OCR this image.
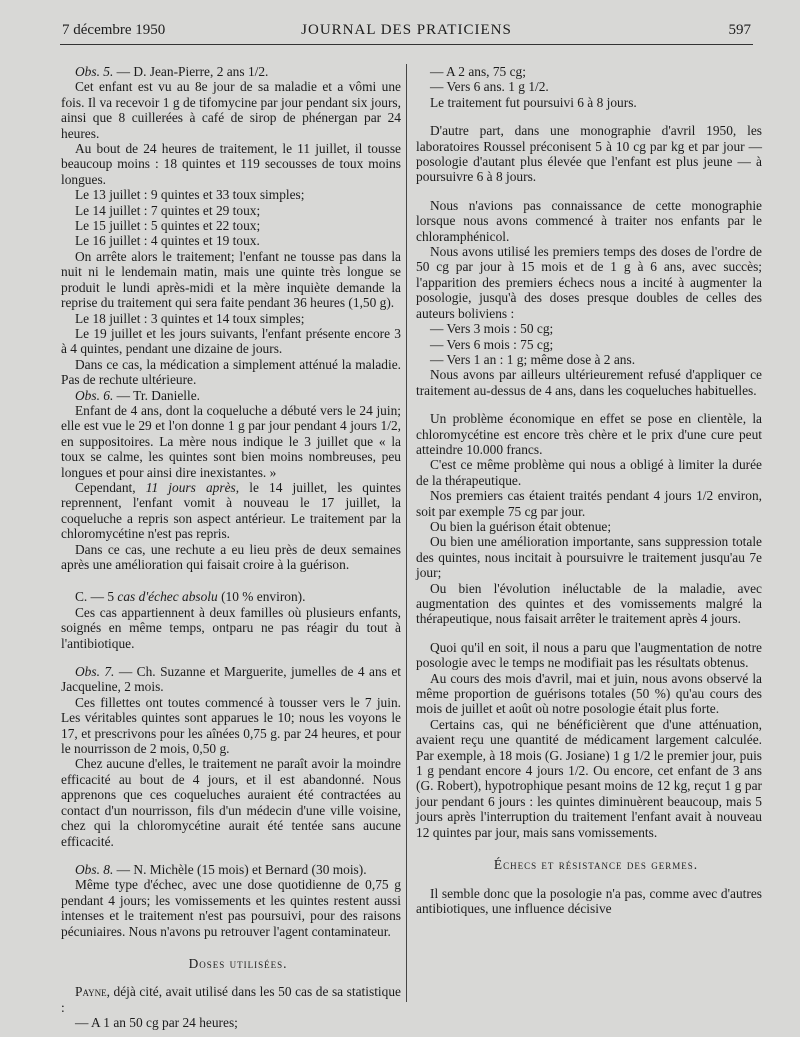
7 décembre 1950	JOURNAL DES PRATICIENS	597

Obs. 5. — D. Jean-Pierre, 2 ans 1/2.

Cet enfant est vu au 8e jour de sa maladie et a vômi une fois. Il va recevoir 1 g de tifomycine par jour pendant six jours, ainsi que 8 cuillerées à café de sirop de phénergan par 24 heures.

Au bout de 24 heures de traitement, le 11 juillet, il tousse beaucoup moins : 18 quintes et 119 secousses de toux moins longues.

Le 13 juillet : 9 quintes et 33 toux simples;

Le 14 juillet : 7 quintes et 29 toux;

Le 15 juillet : 5 quintes et 22 toux;

Le 16 juillet : 4 quintes et 19 toux.

On arrête alors le traitement; l'enfant ne tousse pas dans la nuit ni le lendemain matin, mais une quinte très longue se produit le lundi après-midi et la mère inquiète demande la reprise du traitement qui sera faite pendant 36 heures (1,50 g).

Le 18 juillet : 3 quintes et 14 toux simples;

Le 19 juillet et les jours suivants, l'enfant présente encore 3 à 4 quintes, pendant une dizaine de jours.

Dans ce cas, la médication a simplement atténué la maladie. Pas de rechute ultérieure.

Obs. 6. — Tr. Danielle.

Enfant de 4 ans, dont la coqueluche a débuté vers le 24 juin; elle est vue le 29 et l'on donne 1 g par jour pendant 4 jours 1/2, en suppositoires. La mère nous indique le 3 juillet que « la toux se calme, les quintes sont bien moins nombreuses, peu longues et pour ainsi dire inexistantes. »

Cependant, 11 jours après, le 14 juillet, les quintes reprennent, l'enfant vomit à nouveau le 17 juillet, la coqueluche a repris son aspect antérieur. Le traitement par la chloromycétine n'est pas repris.

Dans ce cas, une rechute a eu lieu près de deux semaines après une amélioration qui faisait croire à la guérison.

C. — 5 cas d'échec absolu (10 % environ).

Ces cas appartiennent à deux familles où plusieurs enfants, soignés en même temps, ontparu ne pas réagir du tout à l'antibiotique.

Obs. 7. — Ch. Suzanne et Marguerite, jumelles de 4 ans et Jacqueline, 2 mois.

Ces fillettes ont toutes commencé à tousser vers le 7 juin. Les véritables quintes sont apparues le 10; nous les voyons le 17, et prescrivons pour les aînées 0,75 g. par 24 heures, et pour le nourrisson de 2 mois, 0,50 g.

Chez aucune d'elles, le traitement ne paraît avoir la moindre efficacité au bout de 4 jours, et il est abandonné. Nous apprenons que ces coqueluches auraient été contractées au contact d'un nourrisson, fils d'un médecin d'une ville voisine, chez qui la chloromycétine aurait été tentée sans aucune efficacité.

Obs. 8. — N. Michèle (15 mois) et Bernard (30 mois).

Même type d'échec, avec une dose quotidienne de 0,75 g pendant 4 jours; les vomissements et les quintes restent aussi intenses et le traitement n'est pas poursuivi, pour des raisons pécuniaires. Nous n'avons pu retrouver l'agent contaminateur.

Doses utilisées.

Payne, déjà cité, avait utilisé dans les 50 cas de sa statistique :

— A 1 an 50 cg par 24 heures;

— A 2 ans, 75 cg;

— Vers 6 ans. 1 g 1/2.

Le traitement fut poursuivi 6 à 8 jours.

D'autre part, dans une monographie d'avril 1950, les laboratoires Roussel préconisent 5 à 10 cg par kg et par jour — posologie d'autant plus élevée que l'enfant est plus jeune — à poursuivre 6 à 8 jours.

Nous n'avions pas connaissance de cette monographie lorsque nous avons commencé à traiter nos enfants par le chloramphénicol.

Nous avons utilisé les premiers temps des doses de l'ordre de 50 cg par jour à 15 mois et de 1 g à 6 ans, avec succès; l'apparition des premiers échecs nous a incité à augmenter la posologie, jusqu'à des doses presque doubles de celles des auteurs boliviens :

— Vers 3 mois : 50 cg;

— Vers 6 mois : 75 cg;

— Vers 1 an : 1 g; même dose à 2 ans.

Nous avons par ailleurs ultérieurement refusé d'appliquer ce traitement au-dessus de 4 ans, dans les coqueluches habituelles.

Un problème économique en effet se pose en clientèle, la chloromycétine est encore très chère et le prix d'une cure peut atteindre 10.000 francs.

C'est ce même problème qui nous a obligé à limiter la durée de la thérapeutique.

Nos premiers cas étaient traités pendant 4 jours 1/2 environ, soit par exemple 75 cg par jour.

Ou bien la guérison était obtenue;

Ou bien une amélioration importante, sans suppression totale des quintes, nous incitait à poursuivre le traitement jusqu'au 7e jour;

Ou bien l'évolution inéluctable de la maladie, avec augmentation des quintes et des vomissements malgré la thérapeutique, nous faisait arrêter le traitement après 4 jours.

Quoi qu'il en soit, il nous a paru que l'augmentation de notre posologie avec le temps ne modifiait pas les résultats obtenus.

Au cours des mois d'avril, mai et juin, nous avons observé la même proportion de guérisons totales (50 %) qu'au cours des mois de juillet et août où notre posologie était plus forte.

Certains cas, qui ne bénéficièrent que d'une atténuation, avaient reçu une quantité de médicament largement calculée. Par exemple, à 18 mois (G. Josiane) 1 g 1/2 le premier jour, puis 1 g pendant encore 4 jours 1/2. Ou encore, cet enfant de 3 ans (G. Robert), hypotrophique pesant moins de 12 kg, reçut 1 g par jour pendant 6 jours : les quintes diminuèrent beaucoup, mais 5 jours après l'interruption du traitement l'enfant avait à nouveau 12 quintes par jour, mais sans vomissements.

Échecs et résistance des germes.

Il semble donc que la posologie n'a pas, comme avec d'autres antibiotiques, une influence décisive
